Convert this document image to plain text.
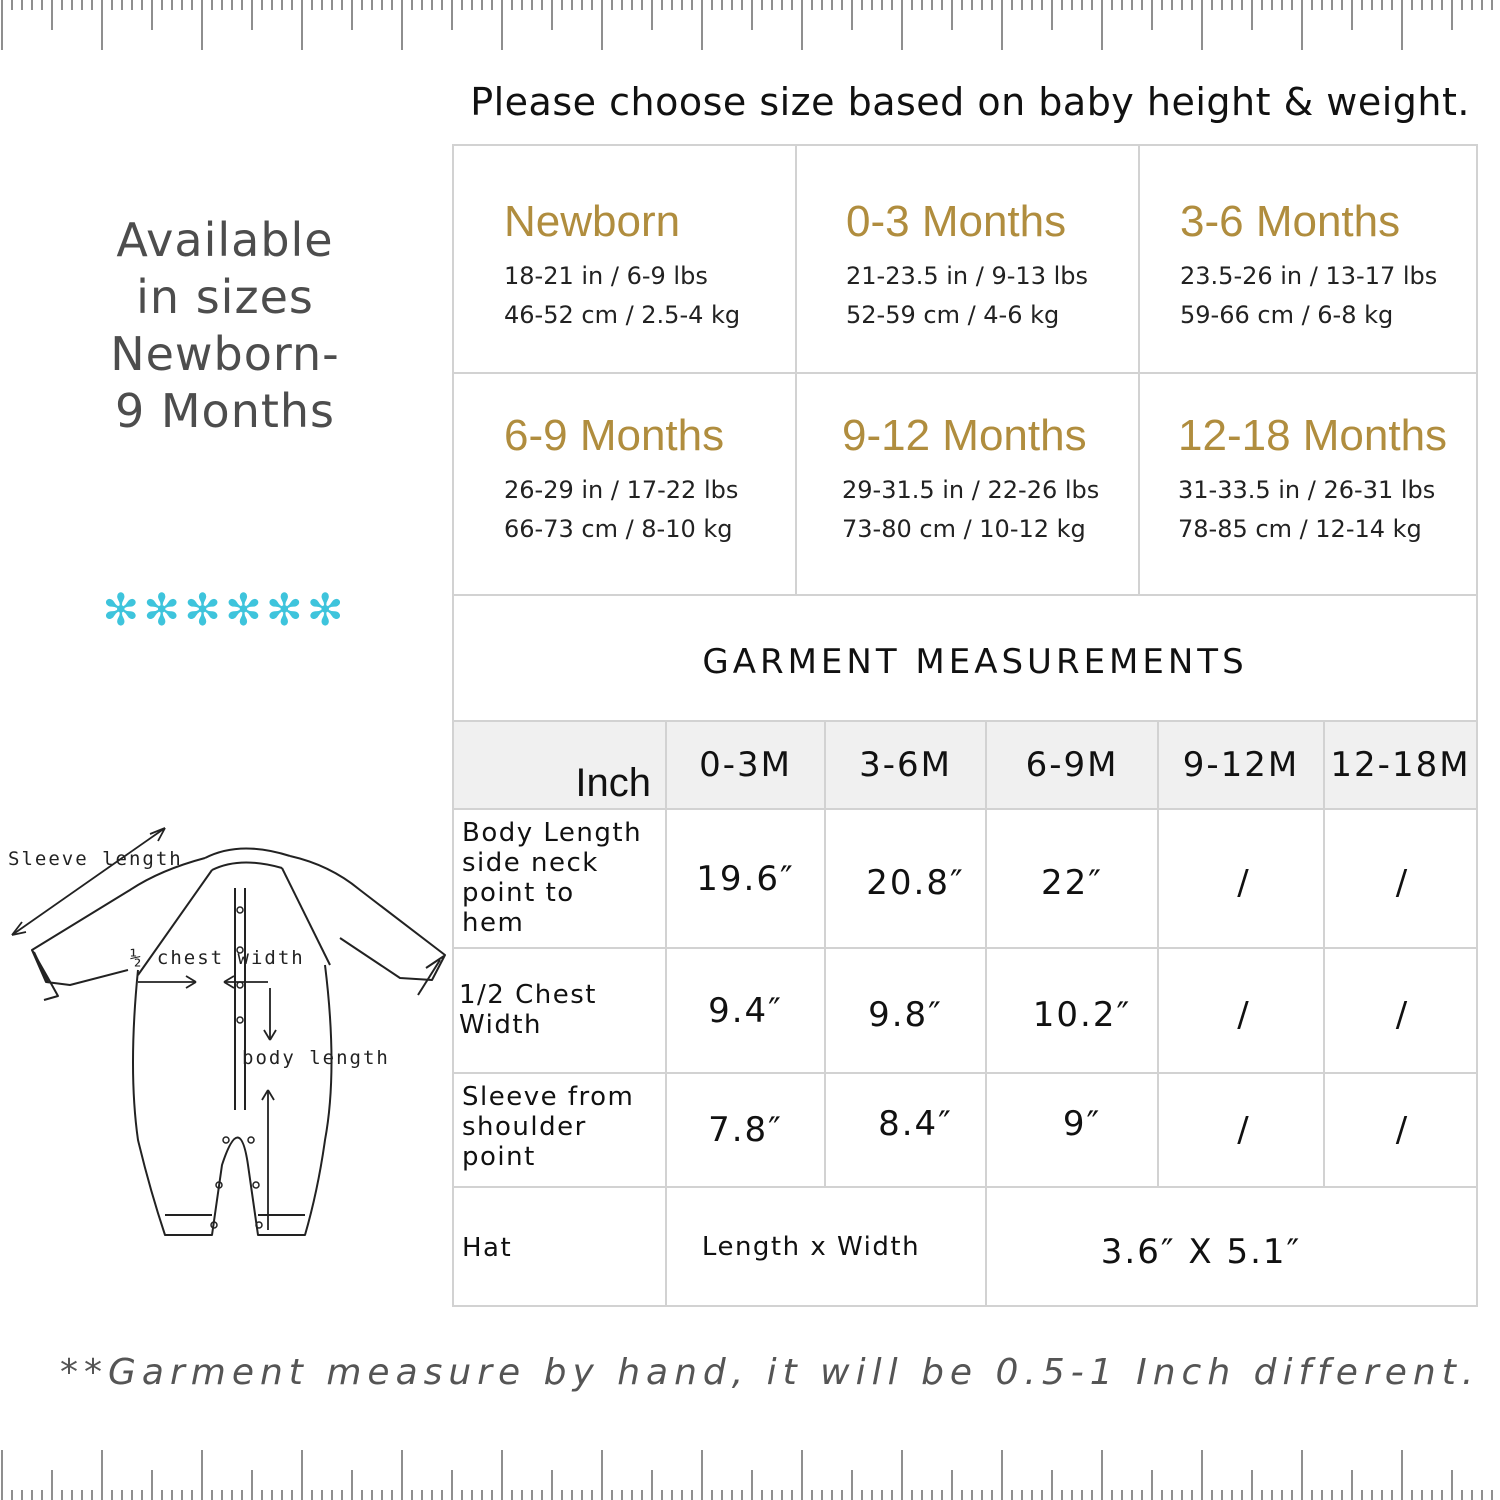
Please choose size based on baby height & weight.
Available
in sizes
Newborn-
9 Months
✻✻✻✻✻✻
Sleeve length
½ chest width
body length
Newborn
18-21 in / 6-9 lbs
46-52 cm / 2.5-4 kg
0-3 Months
21-23.5 in / 9-13 lbs
52-59 cm / 4-6 kg
3-6 Months
23.5-26 in / 13-17 lbs
59-66 cm / 6-8 kg
6-9 Months
26-29 in / 17-22 lbs
66-73 cm / 8-10 kg
9-12 Months
29-31.5 in / 22-26 lbs
73-80 cm / 10-12 kg
12-18 Months
31-33.5 in / 26-31 lbs
78-85 cm / 12-14 kg
GARMENT MEASUREMENTS
Inch	0-3M	3-6M	6-9M	9-12M 12-18M
Body Length
side neck
point to
hem
19.6″	20.8″	22″	/	/
1/2 Chest
Width	9.4″	9.8″	10.2″	/	/
Sleeve from
shoulder
point
7.8″	8.4″	9″	/	/
Hat	Length x Width	3.6″ X 5.1″
**Garment measure by hand, it will be 0.5-1 Inch different.
